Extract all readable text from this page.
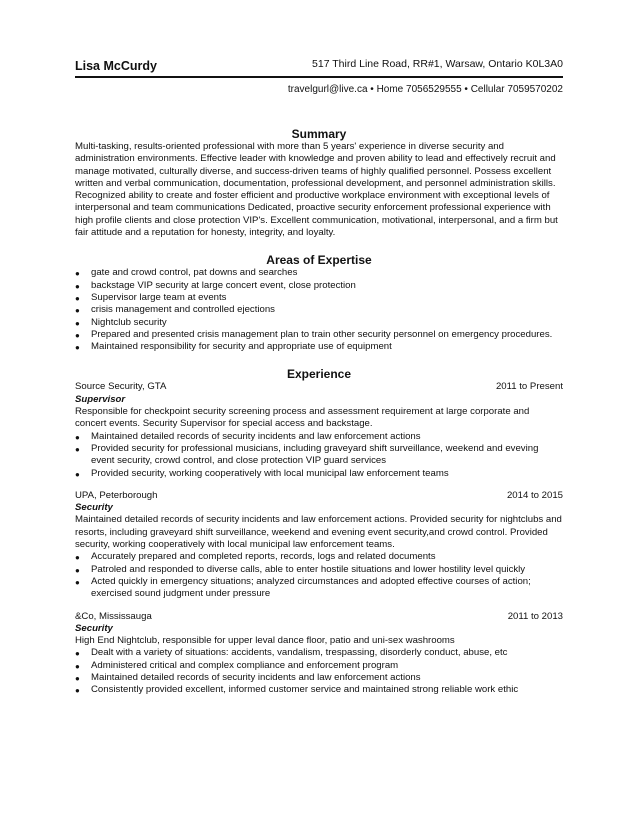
Lisa McCurdy	517 Third Line Road, RR#1, Warsaw, Ontario K0L3A0
travelgurl@live.ca • Home 7056529555 • Cellular 7059570202
Summary

Multi-tasking, results-oriented professional with more than 5 years' experience in diverse security and administration environments. Effective leader with knowledge and proven ability to lead and effectively recruit and manage motivated, culturally diverse, and success-driven teams of highly qualified personnel. Possess excellent written and verbal communication, documentation, professional development, and personnel administration skills. Recognized ability to create and foster efficient and productive workplace environment with exceptional levels of interpersonal and team communications Dedicated, proactive security enforcement professional experience with high profile clients and close protection VIP's. Excellent communication, motivational, interpersonal, and a firm but fair attitude and a reputation for honesty, integrity, and loyalty.

Areas of Expertise
● gate and crowd control, pat downs and searches
● backstage VIP security at large concert event, close protection
● Supervisor large team at events
● crisis management and controlled ejections
● Nightclub security
● Prepared and presented crisis management plan to train other security personnel on emergency procedures.
● Maintained responsibility for security and appropriate use of equipment
Experience
Source Security, GTA	2011 to Present
Supervisor
Responsible for checkpoint security screening process and assessment requirement at large corporate and concert events. Security Supervisor for special access and backstage.
● Maintained detailed records of security incidents and law enforcement actions
● Provided security for professional musicians, including graveyard shift surveillance, weekend and eveving event security, crowd control, and close protection VIP guard services
● Provided security, working cooperatively with local municipal law enforcement teams
UPA, Peterborough	2014 to 2015
Security
Maintained detailed records of security incidents and law enforcement actions. Provided security for nightclubs and resorts, including graveyard shift surveillance, weekend and evening event security,and crowd control. Provided security, working cooperatively with local municipal law enforcement teams.
● Accurately prepared and completed reports, records, logs and related documents
● Patroled and responded to diverse calls, able to enter hostile situations and lower hostility level quickly
● Acted quickly in emergency situations; analyzed circumstances and adopted effective courses of action; exercised sound judgment under pressure
&Co, Mississauga	2011 to 2013
Security
High End Nightclub, responsible for upper leval dance floor, patio and uni-sex washrooms
● Dealt with a variety of situations: accidents, vandalism, trespassing, disorderly conduct, abuse, etc
● Administered critical and complex compliance and enforcement program
● Maintained detailed records of security incidents and law enforcement actions
● Consistently provided excellent, informed customer service and maintained strong reliable work ethic
